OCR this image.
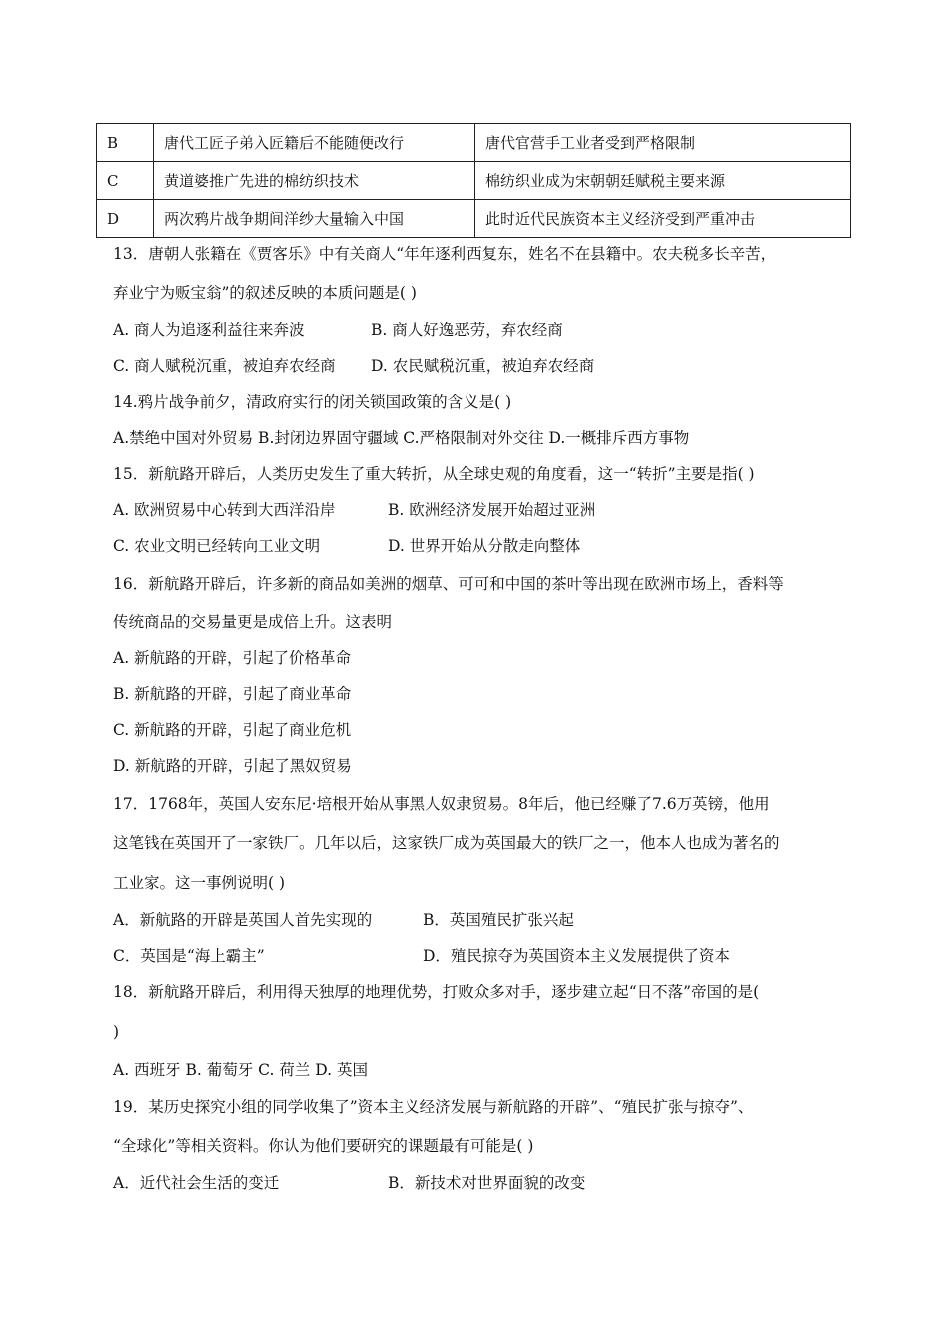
B	唐代工匠子弟入匠籍后不能随便改行	唐代官营手工业者受到严格限制
C	黄道婆推广先进的棉纺织技术	棉纺织业成为宋朝朝廷赋税主要来源
D	两次鸦片战争期间洋纱大量输入中国	此时近代民族资本主义经济受到严重冲击
13．唐朝人张籍在《贾客乐》中有关商人“年年逐利西复东，姓名不在县籍中。农夫税多长辛苦，
弃业宁为贩宝翁”的叙述反映的本质问题是( )
A. 商人为追逐利益往来奔波	B. 商人好逸恶劳，弃农经商
C. 商人赋税沉重，被迫弃农经商 D. 农民赋税沉重，被迫弃农经商
14.鸦片战争前夕，清政府实行的闭关锁国政策的含义是( )
A.禁绝中国对外贸易 B.封闭边界固守疆域 C.严格限制对外交往 D.一概排斥西方事物
15．新航路开辟后，人类历史发生了重大转折，从全球史观的角度看，这一“转折”主要是指( )
A. 欧洲贸易中心转到大西洋沿岸	B. 欧洲经济发展开始超过亚洲
C. 农业文明已经转向工业文明	D. 世界开始从分散走向整体
16．新航路开辟后，许多新的商品如美洲的烟草、可可和中国的茶叶等出现在欧洲市场上，香料等
传统商品的交易量更是成倍上升。这表明
A. 新航路的开辟，引起了价格革命
B. 新航路的开辟，引起了商业革命
C. 新航路的开辟，引起了商业危机
D. 新航路的开辟，引起了黑奴贸易
17．1768年，英国人安东尼·培根开始从事黑人奴隶贸易。8年后，他已经赚了7.6万英镑，他用
这笔钱在英国开了一家铁厂。几年以后，这家铁厂成为英国最大的铁厂之一，他本人也成为著名的
工业家。这一事例说明( )
A．新航路的开辟是英国人首先实现的	B．英国殖民扩张兴起
C．英国是“海上霸主”	D．殖民掠夺为英国资本主义发展提供了资本
18．新航路开辟后，利用得天独厚的地理优势，打败众多对手，逐步建立起“日不落”帝国的是(
)
A. 西班牙 B. 葡萄牙 C. 荷兰 D. 英国
19．某历史探究小组的同学收集了”资本主义经济发展与新航路的开辟”、“殖民扩张与掠夺”、
“全球化”等相关资料。你认为他们要研究的课题最有可能是( )
A．近代社会生活的变迁	B．新技术对世界面貌的改变
